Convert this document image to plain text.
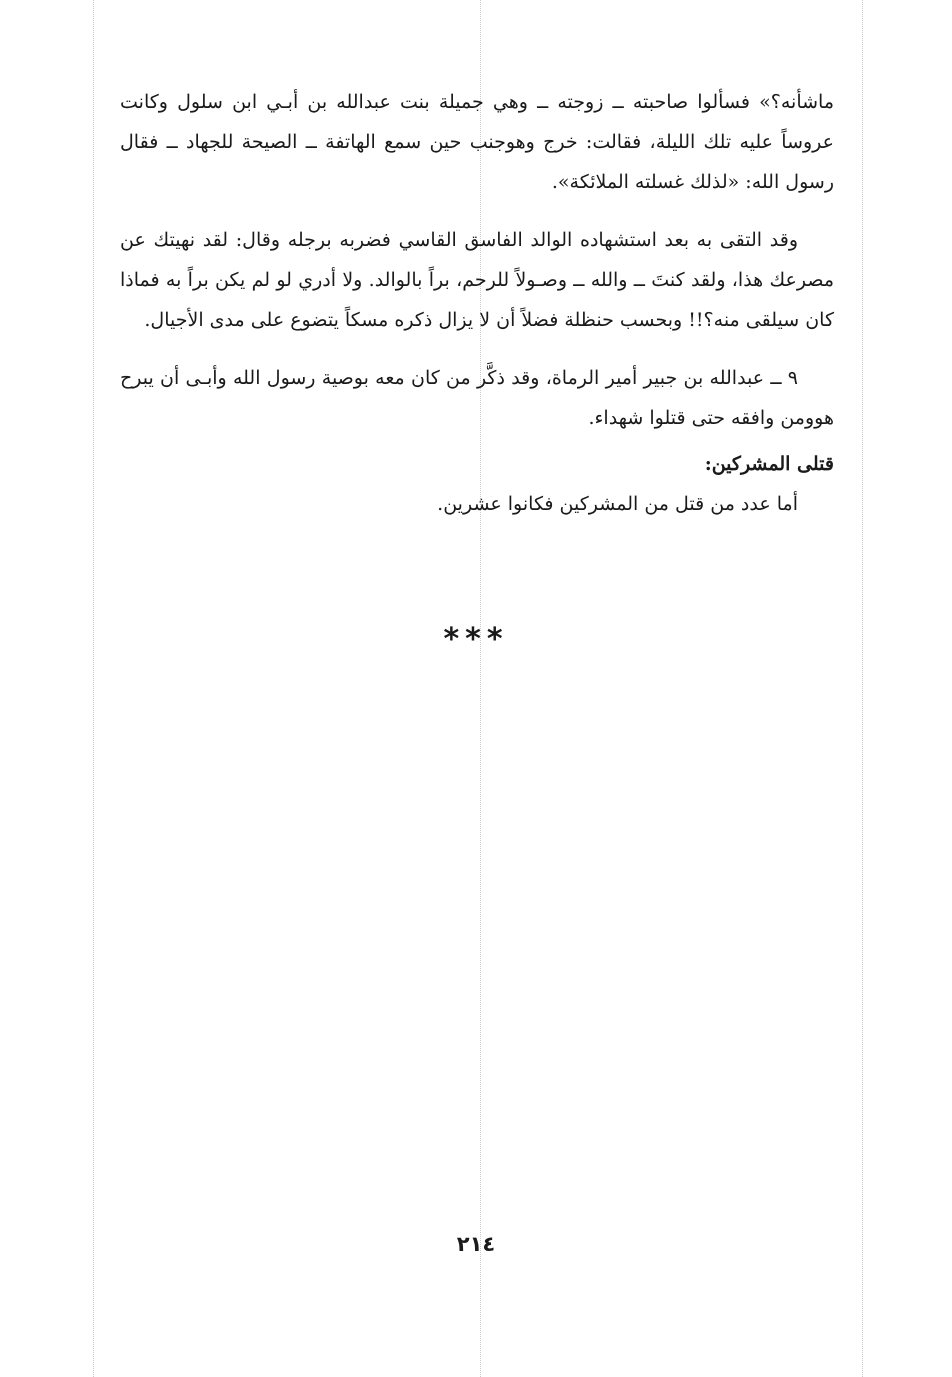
ماشأنه؟» فسألوا صاحبته ــ زوجته ــ وهي جميلة بنت عبدالله بن أبـي ابن سلول وكانت عروساً عليه تلك الليلة، فقالت: خرج وهوجنب حين سمع الهاتفة ــ الصيحة للجهاد ــ فقال رسول الله: «لذلك غسلته الملائكة».

وقد التقى به بعد استشهاده الوالد الفاسق القاسي فضربه برجله وقال: لقد نهيتك عن مصرعك هذا، ولقد كنتَ ــ والله ــ وصـولاً للرحم، براً بالوالد. ولا أدري لو لم يكن براً به فماذا كان سيلقى منه؟!! وبحسب حنظلة فضلاً أن لا يزال ذكره مسكاً يتضوع على مدى الأجيال.

٩ ــ عبدالله بن جبير أمير الرماة، وقد ذكَّر من كان معه بوصية رسول الله وأبـى أن يبرح هوومن وافقه حتى قتلوا شهداء.

قتلى المشركين:

أما عدد من قتل من المشركين فكانوا عشرين.

***
٢١٤
